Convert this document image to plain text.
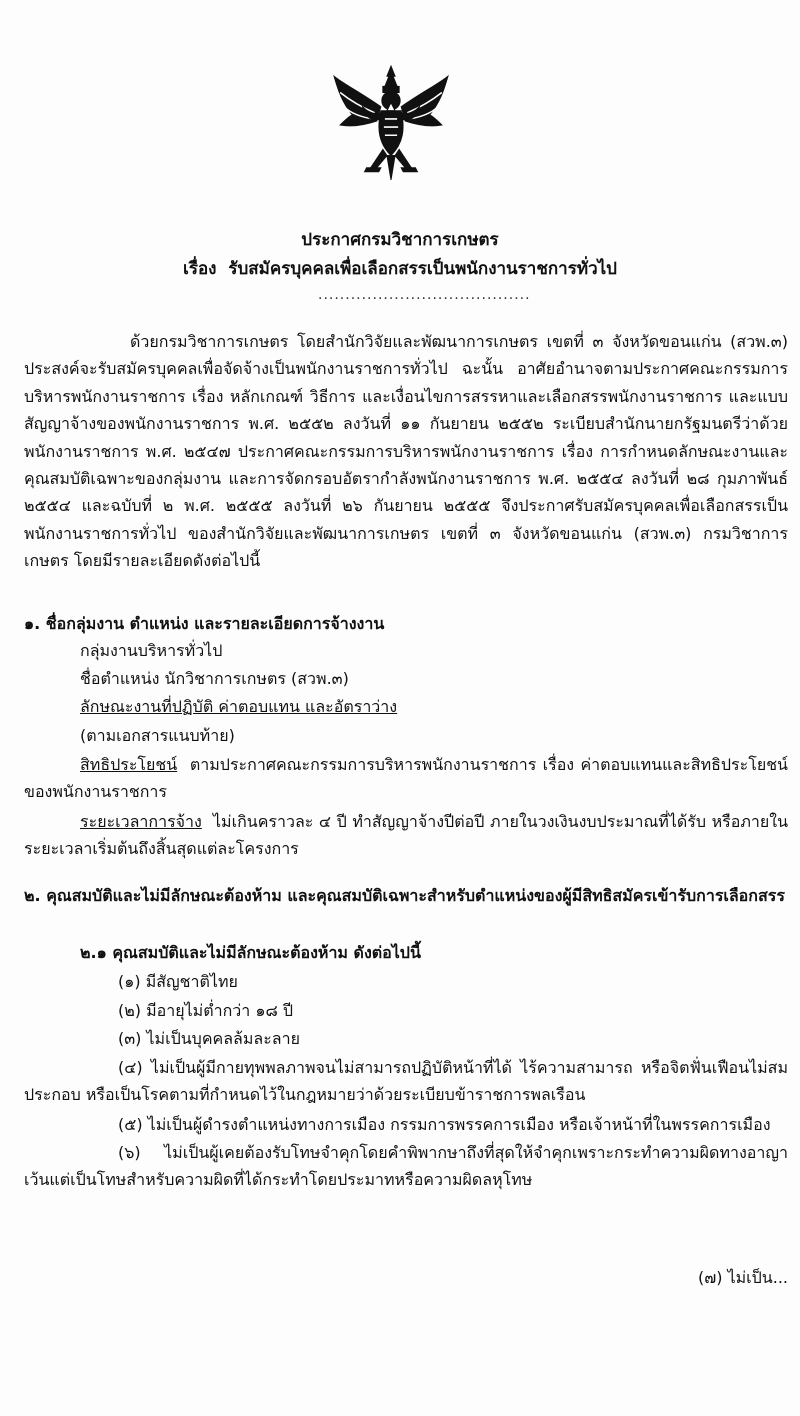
ประกาศกรมวิชาการเกษตร
เรื่อง รับสมัครบุคคลเพื่อเลือกสรรเป็นพนักงานราชการทั่วไป
.......................................

ด้วยกรมวิชาการเกษตร โดยสำนักวิจัยและพัฒนาการเกษตร เขตที่ ๓ จังหวัดขอนแก่น (สวพ.๓) ประสงค์จะรับสมัครบุคคลเพื่อจัดจ้างเป็นพนักงานราชการทั่วไป ฉะนั้น อาศัยอำนาจตามประกาศคณะกรรมการบริหารพนักงานราชการ เรื่อง หลักเกณฑ์ วิธีการ และเงื่อนไขการสรรหาและเลือกสรรพนักงานราชการ และแบบสัญญาจ้างของพนักงานราชการ พ.ศ. ๒๕๕๒ ลงวันที่ ๑๑ กันยายน ๒๕๕๒ ระเบียบสำนักนายกรัฐมนตรีว่าด้วยพนักงานราชการ พ.ศ. ๒๕๔๗ ประกาศคณะกรรมการบริหารพนักงานราชการ เรื่อง การกำหนดลักษณะงานและคุณสมบัติเฉพาะของกลุ่มงาน และการจัดกรอบอัตรากำลังพนักงานราชการ พ.ศ. ๒๕๕๔ ลงวันที่ ๒๘ กุมภาพันธ์ ๒๕๕๔ และฉบับที่ ๒ พ.ศ. ๒๕๕๕ ลงวันที่ ๒๖ กันยายน ๒๕๕๕ จึงประกาศรับสมัครบุคคลเพื่อเลือกสรรเป็นพนักงานราชการทั่วไป ของสำนักวิจัยและพัฒนาการเกษตร เขตที่ ๓ จังหวัดขอนแก่น (สวพ.๓) กรมวิชาการเกษตร โดยมีรายละเอียดดังต่อไปนี้

๑. ชื่อกลุ่มงาน ตำแหน่ง และรายละเอียดการจ้างงาน
กลุ่มงานบริหารทั่วไป
ชื่อตำแหน่ง นักวิชาการเกษตร (สวพ.๓)
ลักษณะงานที่ปฏิบัติ ค่าตอบแทน และอัตราว่าง
(ตามเอกสารแนบท้าย)

สิทธิประโยชน์ ตามประกาศคณะกรรมการบริหารพนักงานราชการ เรื่อง ค่าตอบแทนและสิทธิประโยชน์ของพนักงานราชการ

ระยะเวลาการจ้าง ไม่เกินคราวละ ๔ ปี ทำสัญญาจ้างปีต่อปี ภายในวงเงินงบประมาณที่ได้รับ หรือภายในระยะเวลาเริ่มต้นถึงสิ้นสุดแต่ละโครงการ

๒. คุณสมบัติและไม่มีลักษณะต้องห้าม และคุณสมบัติเฉพาะสำหรับตำแหน่งของผู้มีสิทธิสมัครเข้ารับการเลือกสรร

๒.๑ คุณสมบัติและไม่มีลักษณะต้องห้าม ดังต่อไปนี้
(๑) มีสัญชาติไทย
(๒) มีอายุไม่ต่ำกว่า ๑๘ ปี
(๓) ไม่เป็นบุคคลล้มละลาย

(๔) ไม่เป็นผู้มีกายทุพพลภาพจนไม่สามารถปฏิบัติหน้าที่ได้ ไร้ความสามารถ หรือจิตฟั่นเฟือนไม่สมประกอบ หรือเป็นโรคตามที่กำหนดไว้ในกฎหมายว่าด้วยระเบียบข้าราชการพลเรือน

(๕) ไม่เป็นผู้ดำรงตำแหน่งทางการเมือง กรรมการพรรคการเมือง หรือเจ้าหน้าที่ในพรรคการเมือง

(๖) ไม่เป็นผู้เคยต้องรับโทษจำคุกโดยคำพิพากษาถึงที่สุดให้จำคุกเพราะกระทำความผิดทางอาญาเว้นแต่เป็นโทษสำหรับความผิดที่ได้กระทำโดยประมาทหรือความผิดลหุโทษ

(๗) ไม่เป็น...
